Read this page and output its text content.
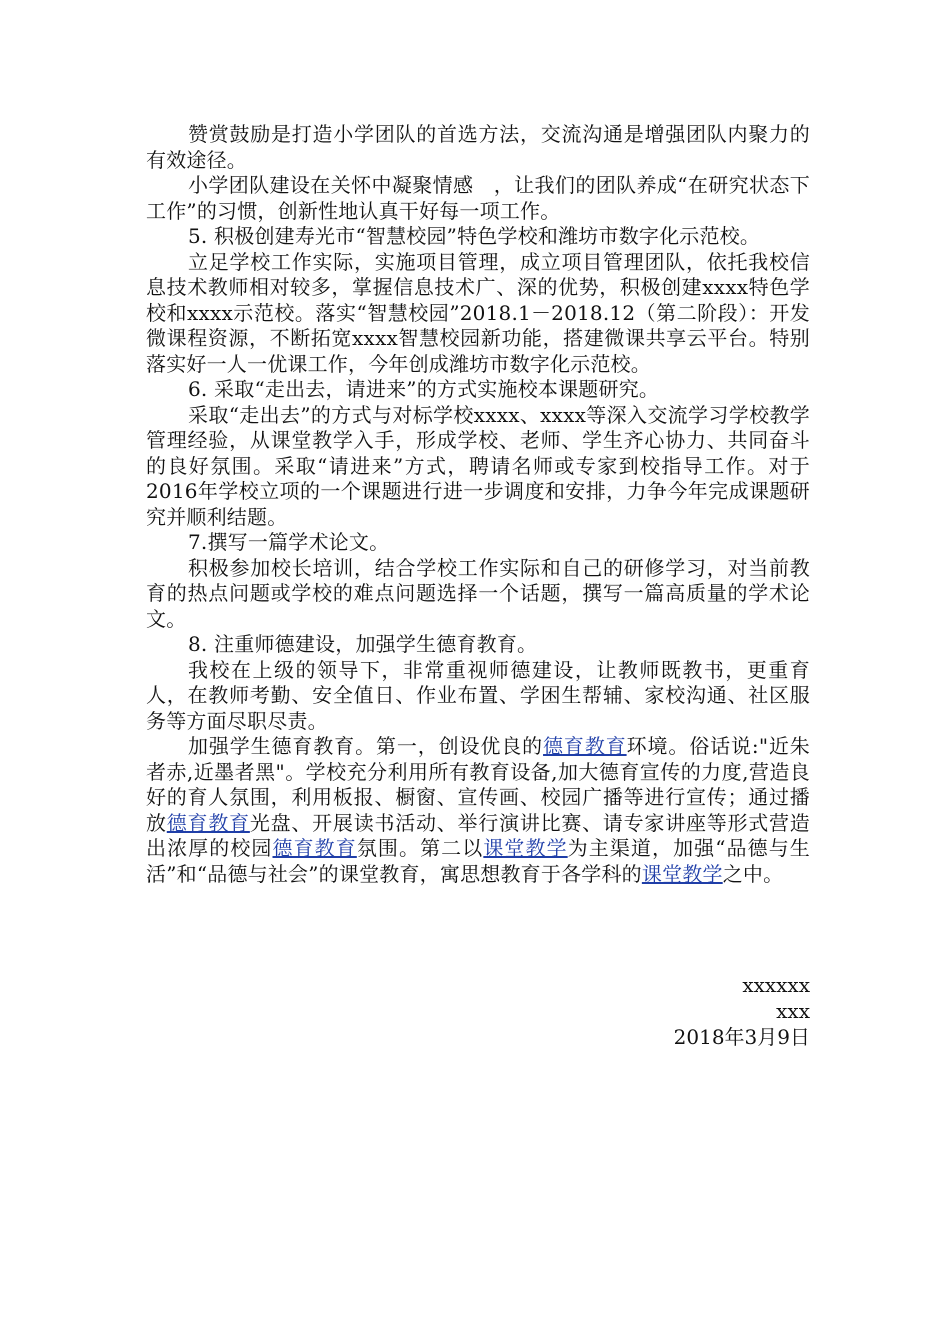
赞赏鼓励是打造小学团队的首选方法，交流沟通是增强团队内聚力的有效途径。

小学团队建设在关怀中凝聚情感　，让我们的团队养成“在研究状态下工作”的习惯，创新性地认真干好每一项工作。

5. 积极创建寿光市“智慧校园”特色学校和潍坊市数字化示范校。

立足学校工作实际，实施项目管理，成立项目管理团队，依托我校信息技术教师相对较多，掌握信息技术广、深的优势，积极创建xxxx特色学校和xxxx示范校。落实“智慧校园”2018.1－2018.12（第二阶段）：开发微课程资源，不断拓宽xxxx智慧校园新功能，搭建微课共享云平台。特别落实好一人一优课工作，今年创成潍坊市数字化示范校。

6. 采取“走出去，请进来”的方式实施校本课题研究。

采取“走出去”的方式与对标学校xxxx、xxxx等深入交流学习学校教学管理经验，从课堂教学入手，形成学校、老师、学生齐心协力、共同奋斗的良好氛围。采取“请进来”方式，聘请名师或专家到校指导工作。对于2016年学校立项的一个课题进行进一步调度和安排，力争今年完成课题研究并顺利结题。

7.撰写一篇学术论文。

积极参加校长培训，结合学校工作实际和自己的研修学习，对当前教育的热点问题或学校的难点问题选择一个话题，撰写一篇高质量的学术论文。

8. 注重师德建设，加强学生德育教育。

我校在上级的领导下，非常重视师德建设，让教师既教书，更重育人，在教师考勤、安全值日、作业布置、学困生帮辅、家校沟通、社区服务等方面尽职尽责。

加强学生德育教育。第一，创设优良的德育教育环境。俗话说:"近朱者赤,近墨者黑"。学校充分利用所有教育设备,加大德育宣传的力度,营造良好的育人氛围，利用板报、橱窗、宣传画、校园广播等进行宣传；通过播放德育教育光盘、开展读书活动、举行演讲比赛、请专家讲座等形式营造出浓厚的校园德育教育氛围。第二以课堂教学为主渠道，加强“品德与生活”和“品德与社会”的课堂教育，寓思想教育于各学科的课堂教学之中。

xxxxxx
xxx
2018年3月9日
